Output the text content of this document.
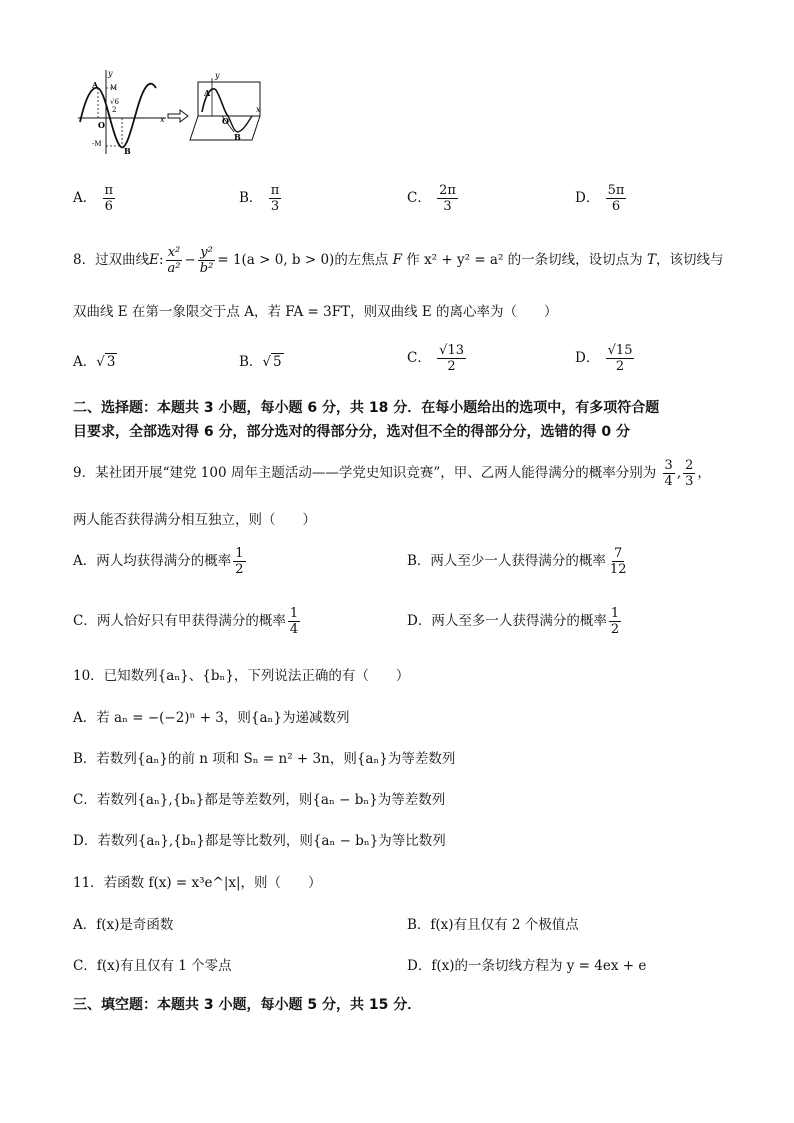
y
A M
√6
2
O
x
-M
B
y
A
O
x
B
A． $\frac{\pi}{6}$	B． $\frac{\pi}{3}$	C． $\frac{2\pi}{3}$	D． $\frac{5\pi}{6}$
8．过双曲线E: $\frac{\text{x²}}{\text{a²}} - \frac{\text{y²}}{\text{b²}} = 1(a > 0$, b > 0)的左焦点 F 作 x² + y² = a² 的一条切线，设切点为 T，该切线与
双曲线 E 在第一象限交于点 A，若 FA = 3FT，则双曲线 E 的离心率为（　　）
A．√ 3	B．√ 5	C． $\frac{√13}{2}$	D． $\frac{√15}{2}$
二、选择题：本题共 3 小题，每小题 6 分，共 18 分．在每小题给出的选项中，有多项符合题
目要求，全部选对得 6 分，部分选对的得部分分，选对但不全的得部分分，选错的得 0 分
9．某社团开展“建党 100 周年主题活动——学党史知识竞赛”，甲、乙两人能得满分的概率分别为 $\frac{3}{4}$ , $\frac{2}{3}$ ，
两人能否获得满分相互独立，则（　　）
A．两人均获得满分的概率 $\frac{1}{2}$	B．两人至少一人获得满分的概率 $\frac{7}{12}$
C．两人恰好只有甲获得满分的概率 $\frac{1}{4}$	D．两人至多一人获得满分的概率 $\frac{1}{2}$
10．已知数列{aₙ}、{bₙ}，下列说法正确的有（　　）
A．若 aₙ = −(−2)ⁿ + 3，则{aₙ}为递减数列
B．若数列{aₙ}的前 n 项和 Sₙ = n² + 3n，则{aₙ}为等差数列
C．若数列{aₙ},{bₙ}都是等差数列，则{aₙ − bₙ}为等差数列
D．若数列{aₙ},{bₙ}都是等比数列，则{aₙ − bₙ}为等比数列
11．若函数 f(x) = x³e^|x|，则（　　）
A．f(x)是奇函数	B．f(x)有且仅有 2 个极值点
C．f(x)有且仅有 1 个零点	D．f(x)的一条切线方程为 y = 4ex + e
三、填空题：本题共 3 小题，每小题 5 分，共 15 分．
